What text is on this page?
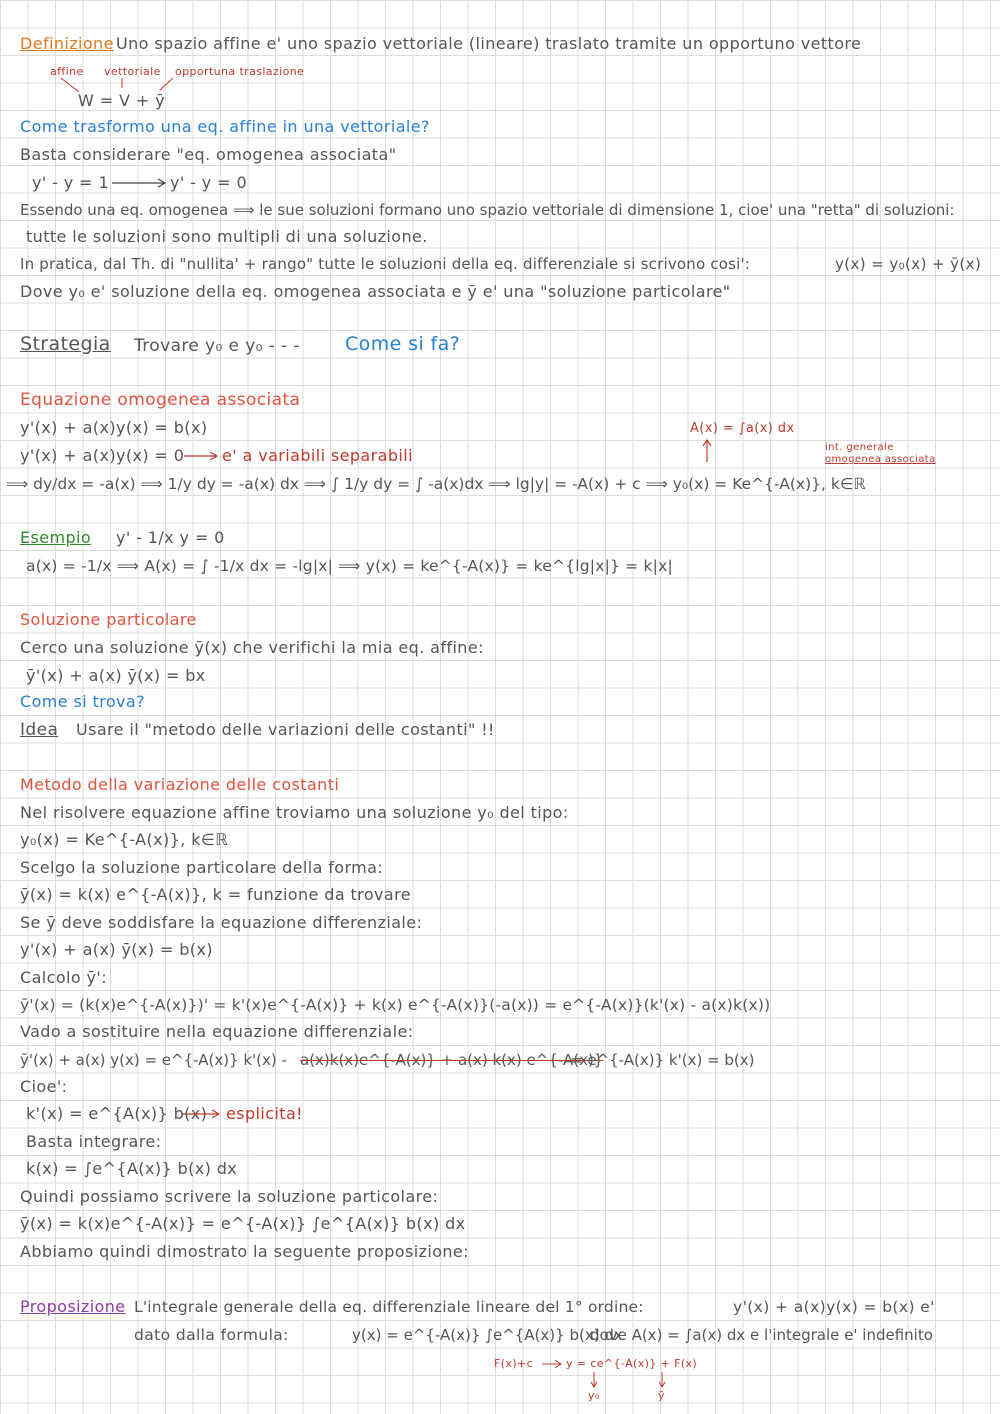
Definizione Uno spazio affine e' uno spazio vettoriale (lineare) traslato tramite un opportuno vettore
affine vettoriale opportuna traslazione
W = V + ȳ
Come trasformo una eq. affine in una vettoriale?
Basta considerare "eq. omogenea associata"
y' - y = 1	y' - y = 0
Essendo una eq. omogenea ⟹ le sue soluzioni formano uno spazio vettoriale di dimensione 1, cioe' una "retta" di soluzioni:
tutte le soluzioni sono multipli di una soluzione.
In pratica, dal Th. di "nullita' + rango" tutte le soluzioni della eq. differenziale si scrivono cosi':	y(x) = y₀(x) + ȳ(x)
Dove y₀ e' soluzione della eq. omogenea associata e ȳ e' una "soluzione particolare"
Strategia Trovare y₀ e y₀ - - - Come si fa?
Equazione omogenea associata
y'(x) + a(x)y(x) = b(x)
y'(x) + a(x)y(x) = 0 e' a variabili separabili
A(x) = ∫a(x) dx
int. generale
omogenea associata
⟹ dy/dx = -a(x) ⟹ 1/y dy = -a(x) dx ⟹ ∫ 1/y dy = ∫ -a(x)dx ⟹ lg|y| = -A(x) + c ⟹ y₀(x) = Ke^{-A(x)}, k∈ℝ
Esempio y' - 1/x y = 0
a(x) = -1/x ⟹ A(x) = ∫ -1/x dx = -lg|x| ⟹ y(x) = ke^{-A(x)} = ke^{lg|x|} = k|x|
Soluzione particolare
Cerco una soluzione ȳ(x) che verifichi la mia eq. affine:
ȳ'(x) + a(x) ȳ(x) = bx
Come si trova?
Idea Usare il "metodo delle variazioni delle costanti" !!
Metodo della variazione delle costanti
Nel risolvere equazione affine troviamo una soluzione y₀ del tipo:
y₀(x) = Ke^{-A(x)}, k∈ℝ
Scelgo la soluzione particolare della forma:
ȳ(x) = k(x) e^{-A(x)}, k = funzione da trovare
Se ȳ deve soddisfare la equazione differenziale:
y'(x) + a(x) ȳ(x) = b(x)
Calcolo ȳ':
ȳ'(x) = (k(x)e^{-A(x)})' = k'(x)e^{-A(x)} + k(x) e^{-A(x)}(-a(x)) = e^{-A(x)}(k'(x) - a(x)k(x))
Vado a sostituire nella equazione differenziale:
ȳ'(x) + a(x) y(x) = e^{-A(x)} k'(x) - a(x)k(x)e^{-A(x)} + a(x) k(x) e^{-A(x)}
= e^{-A(x)} k'(x) = b(x)
Cioe':
k'(x) = e^{A(x)} b(x) esplicita!
Basta integrare:
k(x) = ∫e^{A(x)} b(x) dx
Quindi possiamo scrivere la soluzione particolare:
ȳ(x) = k(x)e^{-A(x)} = e^{-A(x)} ∫e^{A(x)} b(x) dx
Abbiamo quindi dimostrato la seguente proposizione:
Proposizione L'integrale generale della eq. differenziale lineare del 1° ordine:	y'(x) + a(x)y(x) = b(x) e'
dato dalla formula:	y(x) = e^{-A(x)} ∫e^{A(x)} b(x) dx
dove A(x) = ∫a(x) dx e l'integrale e' indefinito
F(x)+c	y = ce^{-A(x)} + F(x)
y₀	ȳ
